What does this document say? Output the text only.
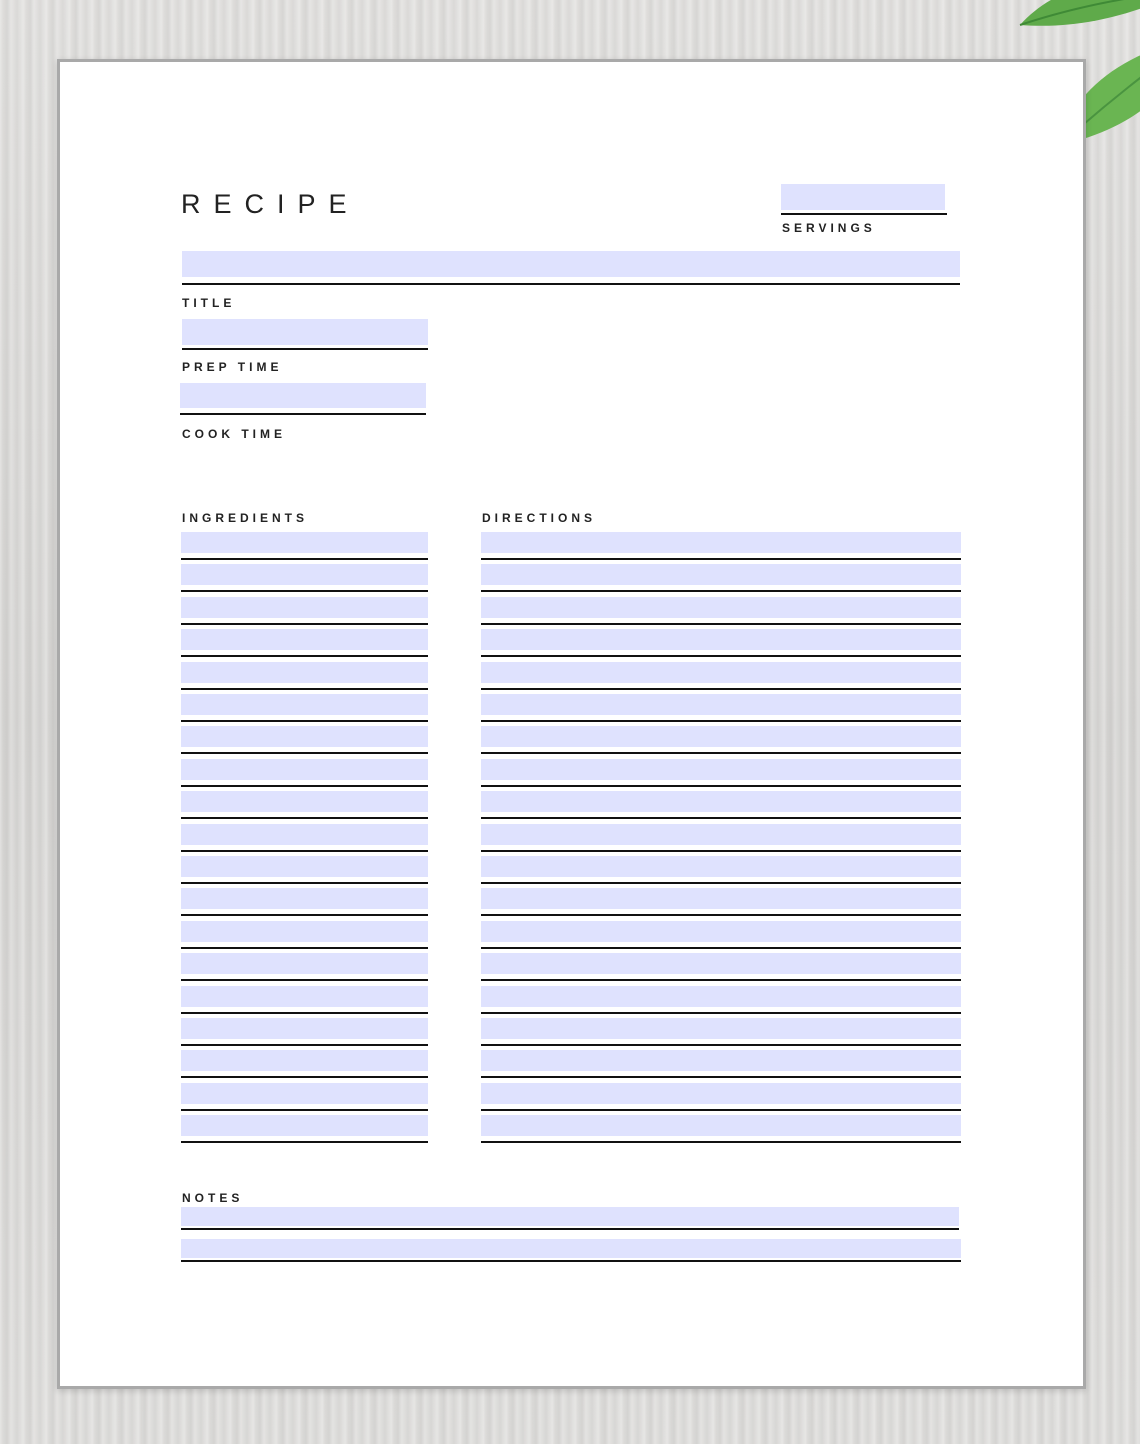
RECIPE
SERVINGS
TITLE
PREP TIME
COOK TIME
INGREDIENTS	DIRECTIONS
NOTES
